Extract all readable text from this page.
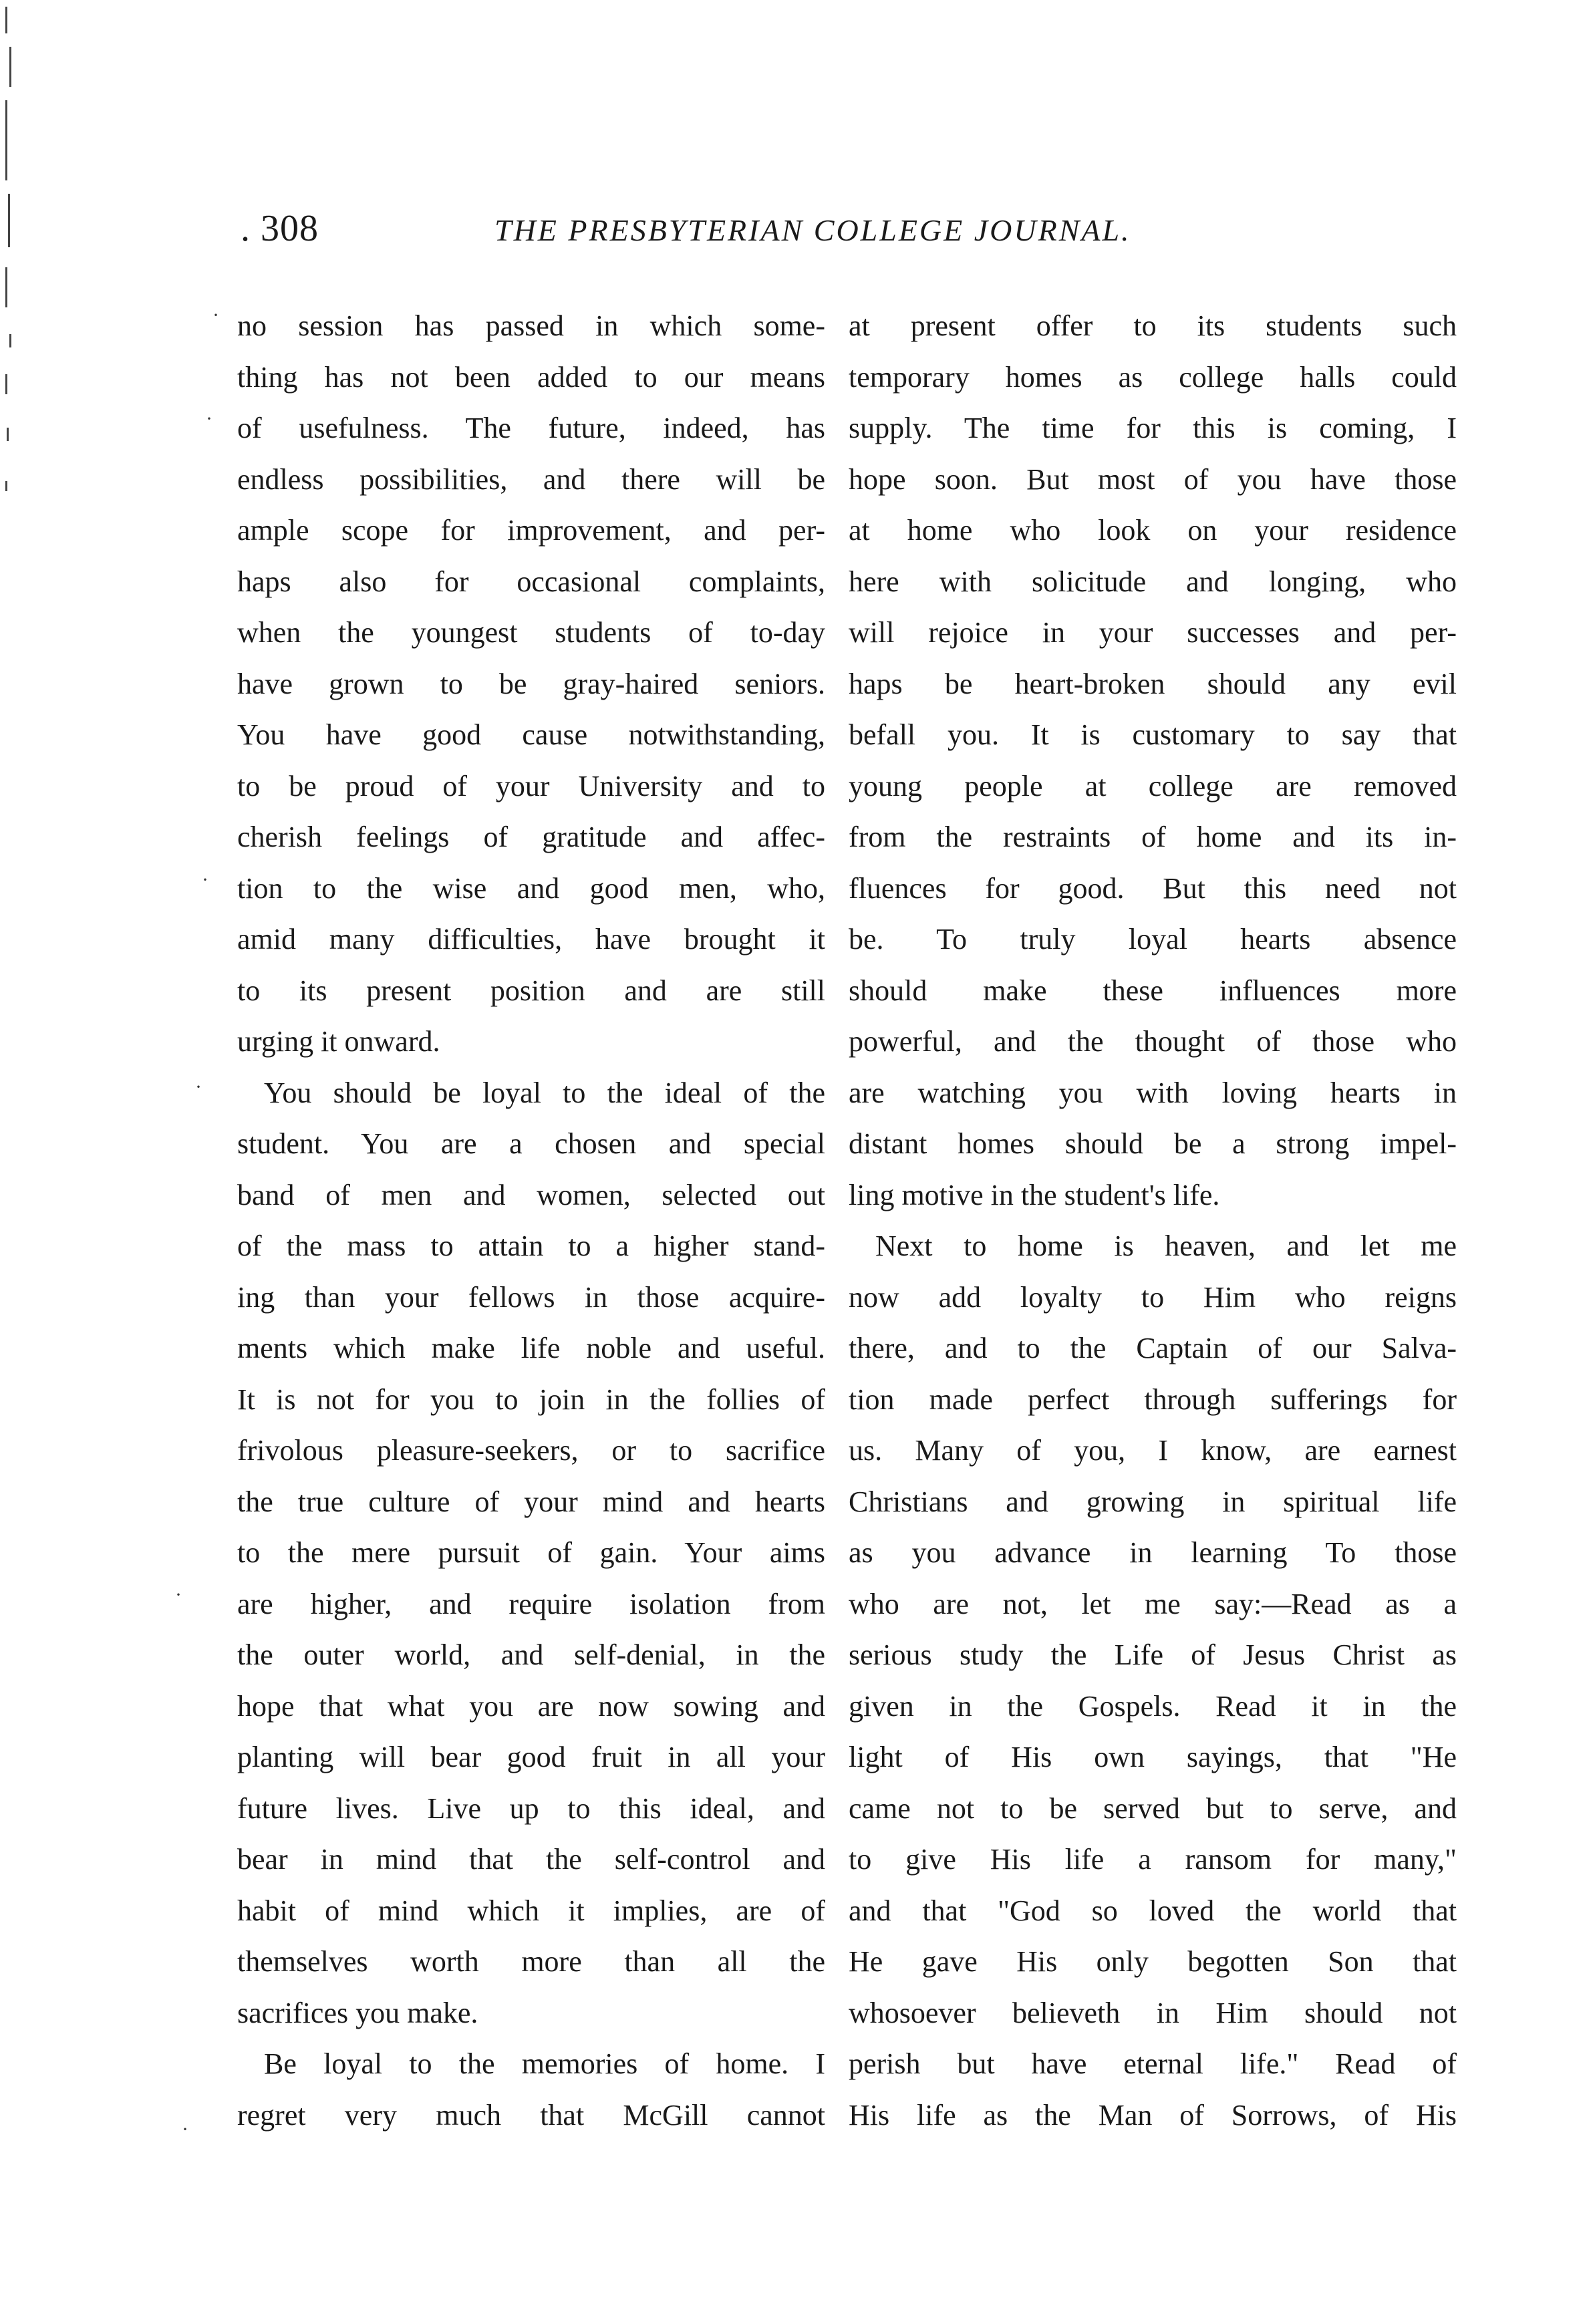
. 308	THE PRESBYTERIAN COLLEGE JOURNAL.
·
·
·
·
·
·
no session has passed in which some-
thing has not been added to our means
of usefulness. The future, indeed, has
endless possibilities, and there will be
ample scope for improvement, and per-
haps also for occasional complaints,
when the youngest students of to-day
have grown to be gray-haired seniors.
You have good cause notwithstanding,
to be proud of your University and to
cherish feelings of gratitude and affec-
tion to the wise and good men, who,
amid many difficulties, have brought it
to its present position and are still
urging it onward.
You should be loyal to the ideal of the
student. You are a chosen and special
band of men and women, selected out
of the mass to attain to a higher stand-
ing than your fellows in those acquire-
ments which make life noble and useful.
It is not for you to join in the follies of
frivolous pleasure-seekers, or to sacrifice
the true culture of your mind and hearts
to the mere pursuit of gain. Your aims
are higher, and require isolation from
the outer world, and self-denial, in the
hope that what you are now sowing and
planting will bear good fruit in all your
future lives. Live up to this ideal, and
bear in mind that the self-control and
habit of mind which it implies, are of
themselves worth more than all the
sacrifices you make.
Be loyal to the memories of home. I
regret very much that McGill cannot
at present offer to its students such
temporary homes as college halls could
supply. The time for this is coming, I
hope soon. But most of you have those
at home who look on your residence
here with solicitude and longing, who
will rejoice in your successes and per-
haps be heart-broken should any evil
befall you. It is customary to say that
young people at college are removed
from the restraints of home and its in-
fluences for good. But this need not
be. To truly loyal hearts absence
should make these influences more
powerful, and the thought of those who
are watching you with loving hearts in
distant homes should be a strong impel-
ling motive in the student's life.
Next to home is heaven, and let me
now add loyalty to Him who reigns
there, and to the Captain of our Salva-
tion made perfect through sufferings for
us. Many of you, I know, are earnest
Christians and growing in spiritual life
as you advance in learning To those
who are not, let me say:—Read as a
serious study the Life of Jesus Christ as
given in the Gospels. Read it in the
light of His own sayings, that "He
came not to be served but to serve, and
to give His life a ransom for many,"
and that "God so loved the world that
He gave His only begotten Son that
whosoever believeth in Him should not
perish but have eternal life." Read of
His life as the Man of Sorrows, of His
